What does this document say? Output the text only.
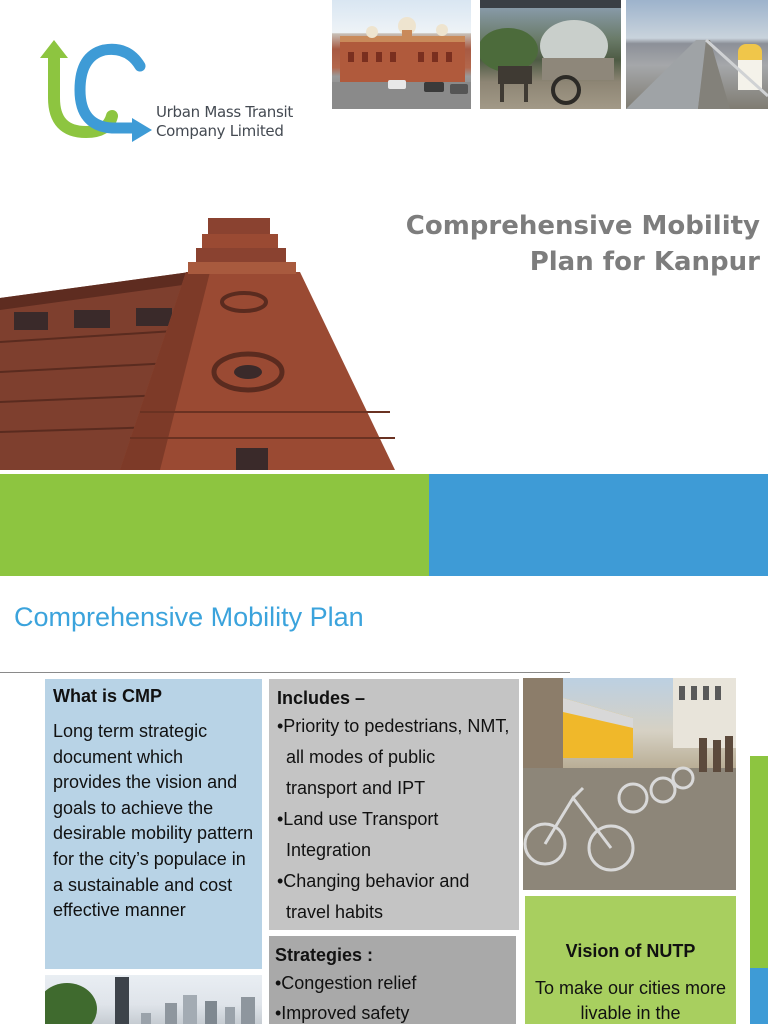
Urban Mass Transit
Company Limited
Comprehensive Mobility
Plan for Kanpur
Comprehensive Mobility Plan
What is CMP
Long term strategic document which provides the vision and goals to achieve the desirable mobility pattern for the city’s populace in a sustainable and cost effective manner
Includes –
•Priority to pedestrians, NMT, all modes of public transport and IPT
•Land use Transport Integration
•Changing behavior and travel habits
Strategies :
•Congestion relief
•Improved safety
Vision of NUTP
To make our cities more livable in the
